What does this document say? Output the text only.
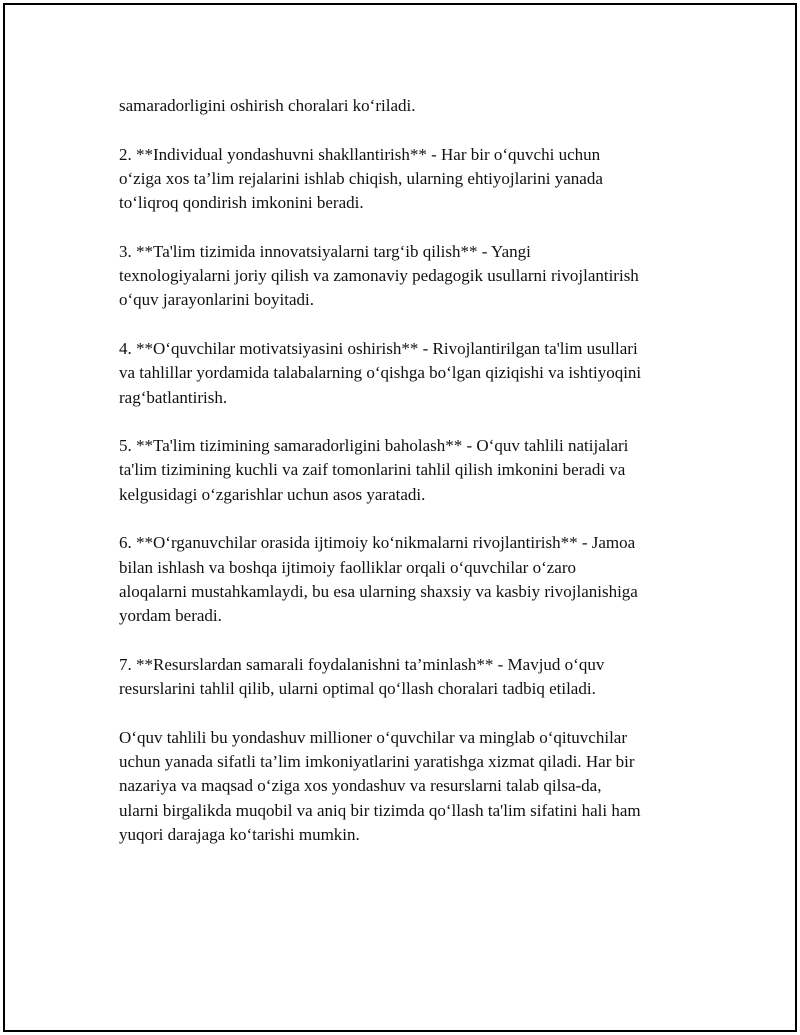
samaradorligini oshirish choralari ko‘riladi.

2. **Individual yondashuvni shakllantirish** - Har bir o‘quvchi uchun
o‘ziga xos ta’lim rejalarini ishlab chiqish, ularning ehtiyojlarini yanada
to‘liqroq qondirish imkonini beradi.

3. **Ta'lim tizimida innovatsiyalarni targ‘ib qilish** - Yangi
texnologiyalarni joriy qilish va zamonaviy pedagogik usullarni rivojlantirish
o‘quv jarayonlarini boyitadi.

4. **O‘quvchilar motivatsiyasini oshirish** - Rivojlantirilgan ta'lim usullari
va tahlillar yordamida talabalarning o‘qishga bo‘lgan qiziqishi va ishtiyoqini
rag‘batlantirish.

5. **Ta'lim tizimining samaradorligini baholash** - O‘quv tahlili natijalari
ta'lim tizimining kuchli va zaif tomonlarini tahlil qilish imkonini beradi va
kelgusidagi o‘zgarishlar uchun asos yaratadi.

6. **O‘rganuvchilar orasida ijtimoiy ko‘nikmalarni rivojlantirish** - Jamoa
bilan ishlash va boshqa ijtimoiy faolliklar orqali o‘quvchilar o‘zaro
aloqalarni mustahkamlaydi, bu esa ularning shaxsiy va kasbiy rivojlanishiga
yordam beradi.

7. **Resurslardan samarali foydalanishni ta’minlash** - Mavjud o‘quv
resurslarini tahlil qilib, ularni optimal qo‘llash choralari tadbiq etiladi.

O‘quv tahlili bu yondashuv millioner o‘quvchilar va minglab o‘qituvchilar
uchun yanada sifatli ta’lim imkoniyatlarini yaratishga xizmat qiladi. Har bir
nazariya va maqsad o‘ziga xos yondashuv va resurslarni talab qilsa-da,
ularni birgalikda muqobil va aniq bir tizimda qo‘llash ta'lim sifatini hali ham
yuqori darajaga ko‘tarishi mumkin.
